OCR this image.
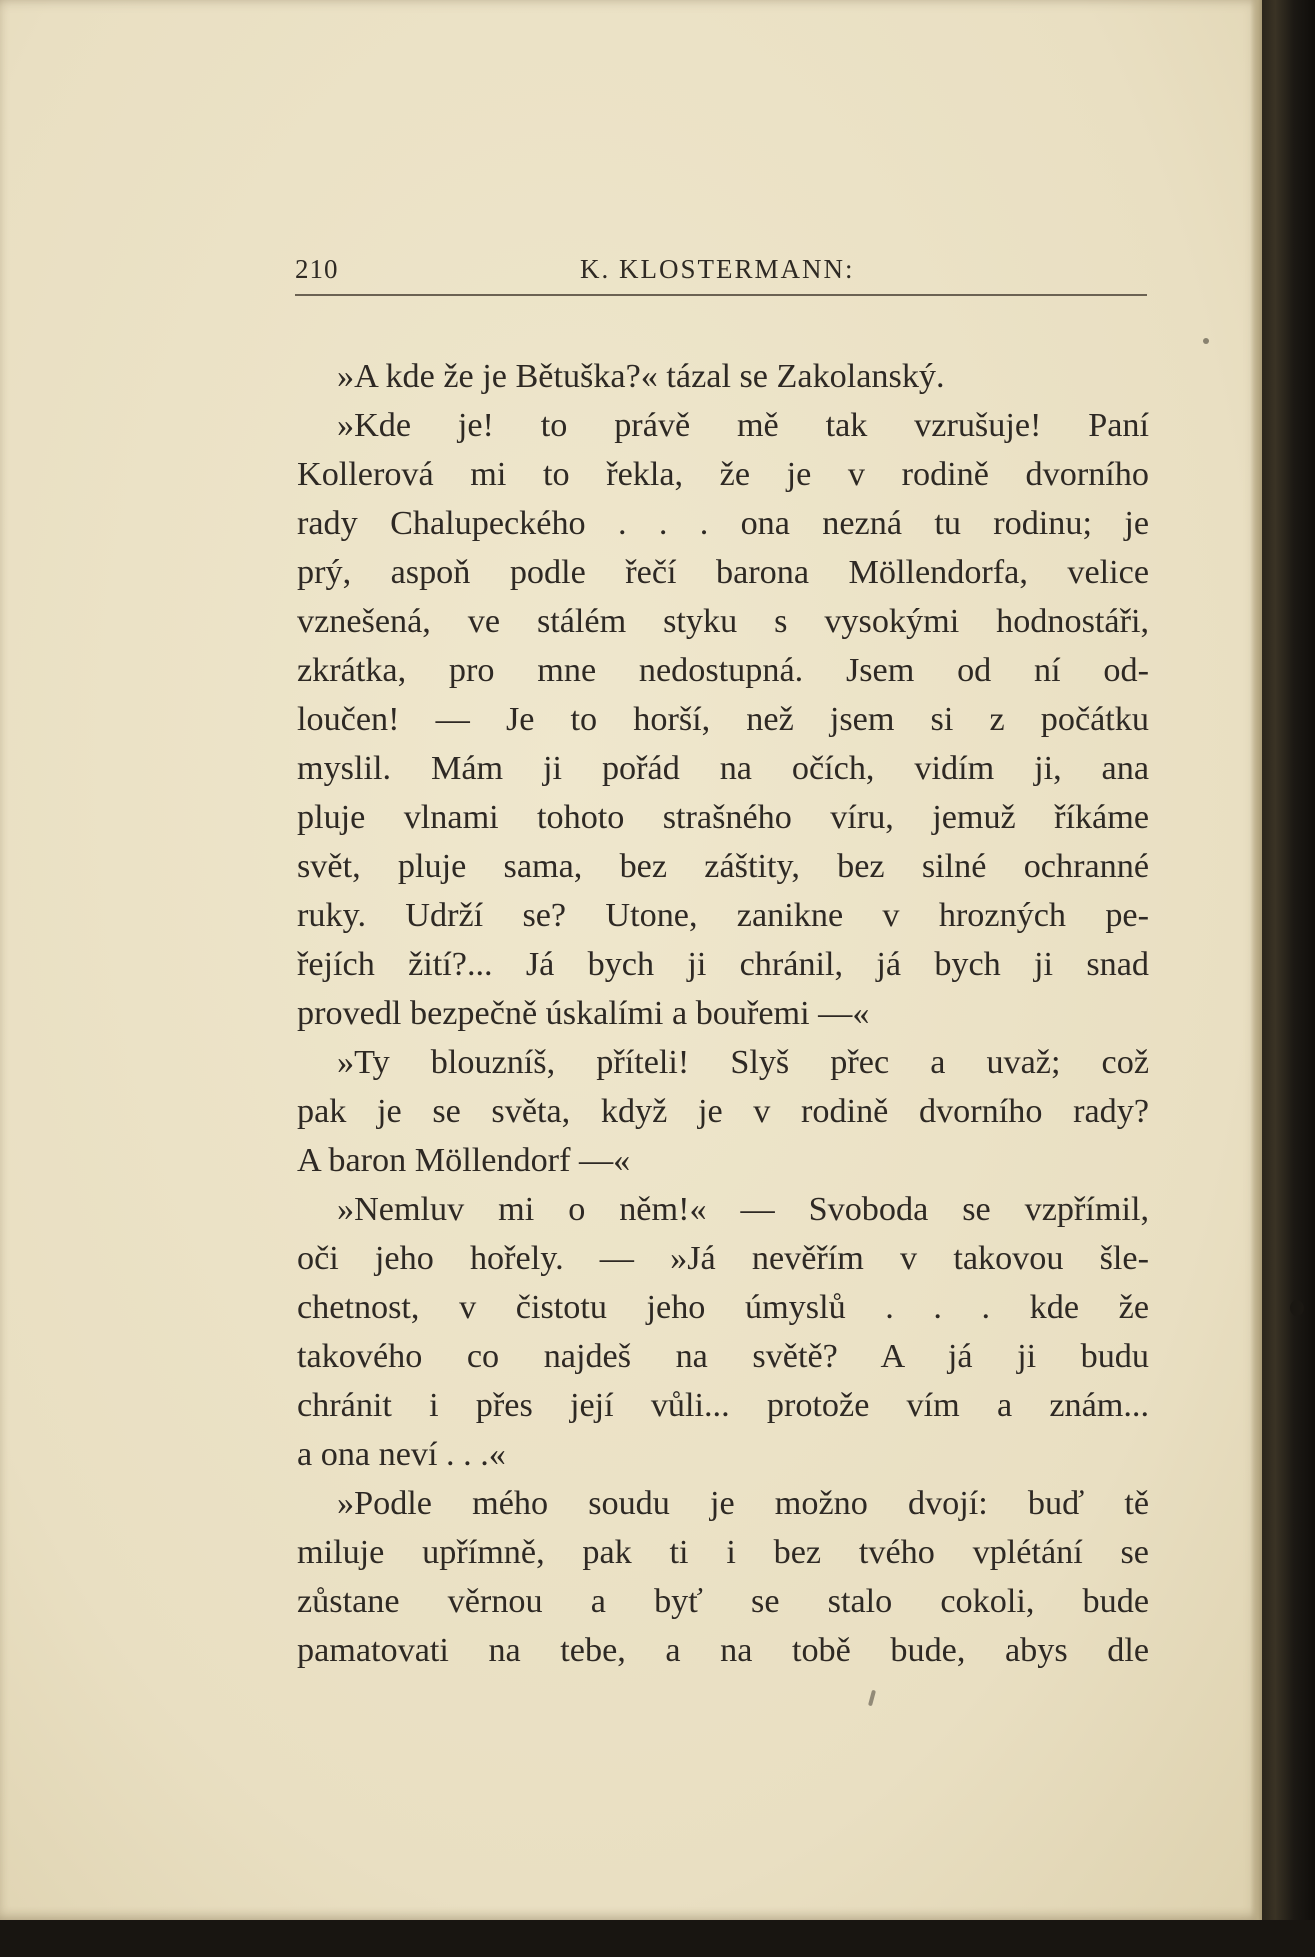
210	K. KLOSTERMANN:
»A kde že je Bětuška?« tázal se Zakolanský.
»Kde je! to právě mě tak vzrušuje! Paní
Kollerová mi to řekla, že je v rodině dvorního
rady Chalupeckého . . . ona nezná tu rodinu; je
prý, aspoň podle řečí barona Möllendorfa, velice
vznešená, ve stálém styku s vysokými hodnostáři,
zkrátka, pro mne nedostupná. Jsem od ní od-
loučen! — Je to horší, než jsem si z počátku
myslil. Mám ji pořád na očích, vidím ji, ana
pluje vlnami tohoto strašného víru, jemuž říkáme
svět, pluje sama, bez záštity, bez silné ochranné
ruky. Udrží se? Utone, zanikne v hrozných pe-
řejích žití?... Já bych ji chránil, já bych ji snad
provedl bezpečně úskalími a bouřemi —«
»Ty blouzníš, příteli! Slyš přec a uvaž; což
pak je se světa, když je v rodině dvorního rady?
A baron Möllendorf —«
»Nemluv mi o něm!« — Svoboda se vzpřímil,
oči jeho hořely. — »Já nevěřím v takovou šle-
chetnost, v čistotu jeho úmyslů . . . kde že
takového co najdeš na světě? A já ji budu
chránit i přes její vůli... protože vím a znám...
a ona neví . . .«
»Podle mého soudu je možno dvojí: buď tě
miluje upřímně, pak ti i bez tvého vplétání se
zůstane věrnou a byť se stalo cokoli, bude
pamatovati na tebe, a na tobě bude, abys dle
